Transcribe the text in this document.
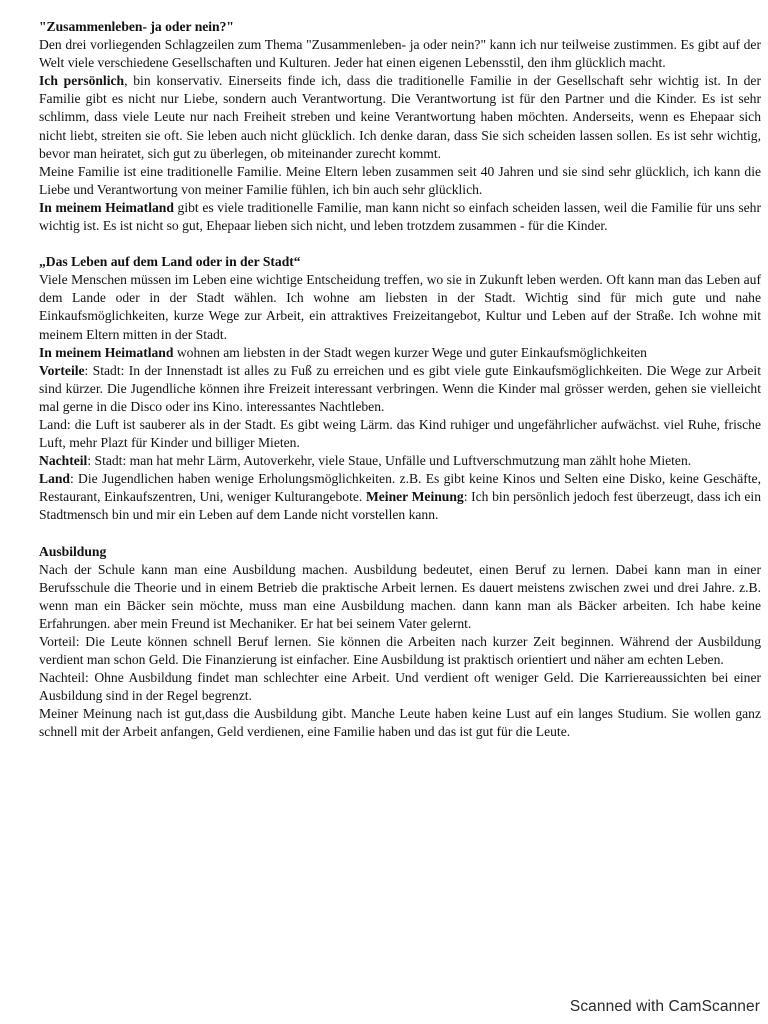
"Zusammenleben- ja oder nein?"
Den drei vorliegenden Schlagzeilen zum Thema "Zusammenleben- ja oder nein?" kann ich nur teilweise zustimmen. Es gibt auf der Welt viele verschiedene Gesellschaften und Kulturen. Jeder hat einen eigenen Lebensstil, den ihm glücklich macht.
Ich persönlich, bin konservativ. Einerseits finde ich, dass die traditionelle Familie in der Gesellschaft sehr wichtig ist. In der Familie gibt es nicht nur Liebe, sondern auch Verantwortung. Die Verantwortung ist für den Partner und die Kinder. Es ist sehr schlimm, dass viele Leute nur nach Freiheit streben und keine Verantwortung haben möchten. Anderseits, wenn es Ehepaar sich nicht liebt, streiten sie oft. Sie leben auch nicht glücklich. Ich denke daran, dass Sie sich scheiden lassen sollen. Es ist sehr wichtig, bevor man heiratet, sich gut zu überlegen, ob miteinander zurecht kommt.
Meine Familie ist eine traditionelle Familie. Meine Eltern leben zusammen seit 40 Jahren und sie sind sehr glücklich, ich kann die Liebe und Verantwortung von meiner Familie fühlen, ich bin auch sehr glücklich.
In meinem Heimatland gibt es viele traditionelle Familie, man kann nicht so einfach scheiden lassen, weil die Familie für uns sehr wichtig ist. Es ist nicht so gut, Ehepaar lieben sich nicht, und leben trotzdem zusammen - für die Kinder.
„Das Leben auf dem Land oder in der Stadt“
Viele Menschen müssen im Leben eine wichtige Entscheidung treffen, wo sie in Zukunft leben werden. Oft kann man das Leben auf dem Lande oder in der Stadt wählen. Ich wohne am liebsten in der Stadt. Wichtig sind für mich gute und nahe Einkaufsmöglichkeiten, kurze Wege zur Arbeit, ein attraktives Freizeitangebot, Kultur und Leben auf der Straße. Ich wohne mit meinem Eltern mitten in der Stadt.
In meinem Heimatland wohnen am liebsten in der Stadt wegen kurzer Wege und guter Einkaufsmöglichkeiten
Vorteile: Stadt: In der Innenstadt ist alles zu Fuß zu erreichen und es gibt viele gute Einkaufsmöglichkeiten. Die Wege zur Arbeit sind kürzer. Die Jugendliche können ihre Freizeit interessant verbringen. Wenn die Kinder mal grösser werden, gehen sie vielleicht mal gerne in die Disco oder ins Kino. interessantes Nachtleben.
Land: die Luft ist sauberer als in der Stadt. Es gibt weing Lärm. das Kind ruhiger und ungefährlicher aufwächst. viel Ruhe, frische Luft, mehr Plazt für Kinder und billiger Mieten.
Nachteil: Stadt: man hat mehr Lärm, Autoverkehr, viele Staue, Unfälle und Luftverschmutzung man zählt hohe Mieten.
Land: Die Jugendlichen haben wenige Erholungsmöglichkeiten. z.B. Es gibt keine Kinos und Selten eine Disko, keine Geschäfte, Restaurant, Einkaufszentren, Uni, weniger Kulturangebote. Meiner Meinung: Ich bin persönlich jedoch fest überzeugt, dass ich ein Stadtmensch bin und mir ein Leben auf dem Lande nicht vorstellen kann.
Ausbildung
Nach der Schule kann man eine Ausbildung machen. Ausbildung bedeutet, einen Beruf zu lernen. Dabei kann man in einer Berufsschule die Theorie und in einem Betrieb die praktische Arbeit lernen. Es dauert meistens zwischen zwei und drei Jahre. z.B. wenn man ein Bäcker sein möchte, muss man eine Ausbildung machen. dann kann man als Bäcker arbeiten. Ich habe keine Erfahrungen. aber mein Freund ist Mechaniker. Er hat bei seinem Vater gelernt.
Vorteil: Die Leute können schnell Beruf lernen. Sie können die Arbeiten nach kurzer Zeit beginnen. Während der Ausbildung verdient man schon Geld. Die Finanzierung ist einfacher. Eine Ausbildung ist praktisch orientiert und näher am echten Leben.
Nachteil: Ohne Ausbildung findet man schlechter eine Arbeit. Und verdient oft weniger Geld. Die Karriereaussichten bei einer Ausbildung sind in der Regel begrenzt.
Meiner Meinung nach ist gut,dass die Ausbildung gibt. Manche Leute haben keine Lust auf ein langes Studium. Sie wollen ganz schnell mit der Arbeit anfangen, Geld verdienen, eine Familie haben und das ist gut für die Leute.
Scanned with CamScanner
